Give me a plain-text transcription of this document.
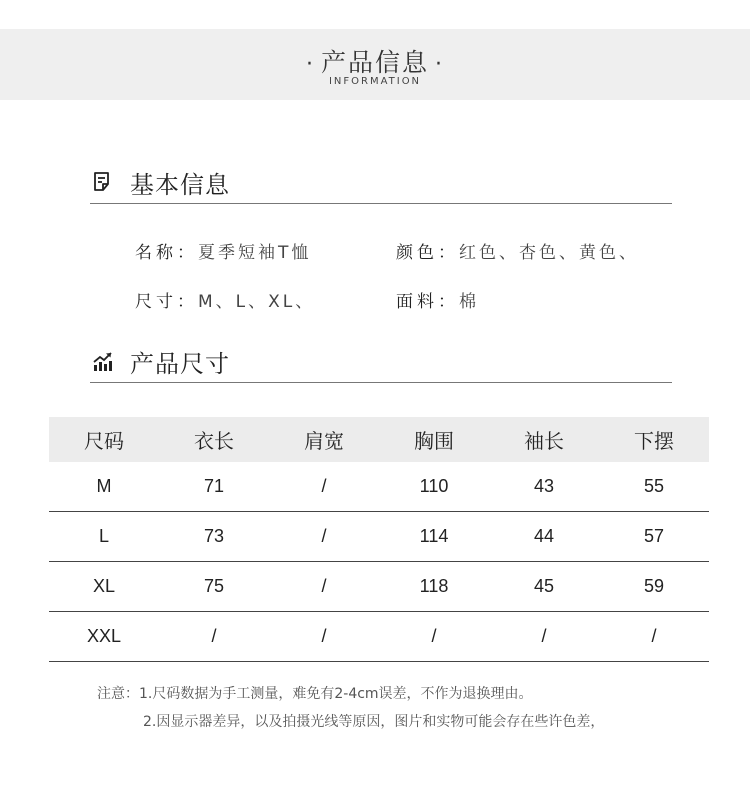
· 产品信息 ·
INFORMATION
基本信息
名称：夏季短袖T恤	颜色：红色、杏色、黄色、
尺寸：M、L、XL、	面料：棉
产品尺寸
尺码	衣长	肩宽	胸围	袖长	下摆
M	71	/	110	43	55
L	73	/	114	44	57
XL	75	/	118	45	59
XXL	/	/	/	/	/
注意：1.尺码数据为手工测量，难免有2-4cm误差，不作为退换理由。
2.因显示器差异，以及拍摄光线等原因，图片和实物可能会存在些许色差，
